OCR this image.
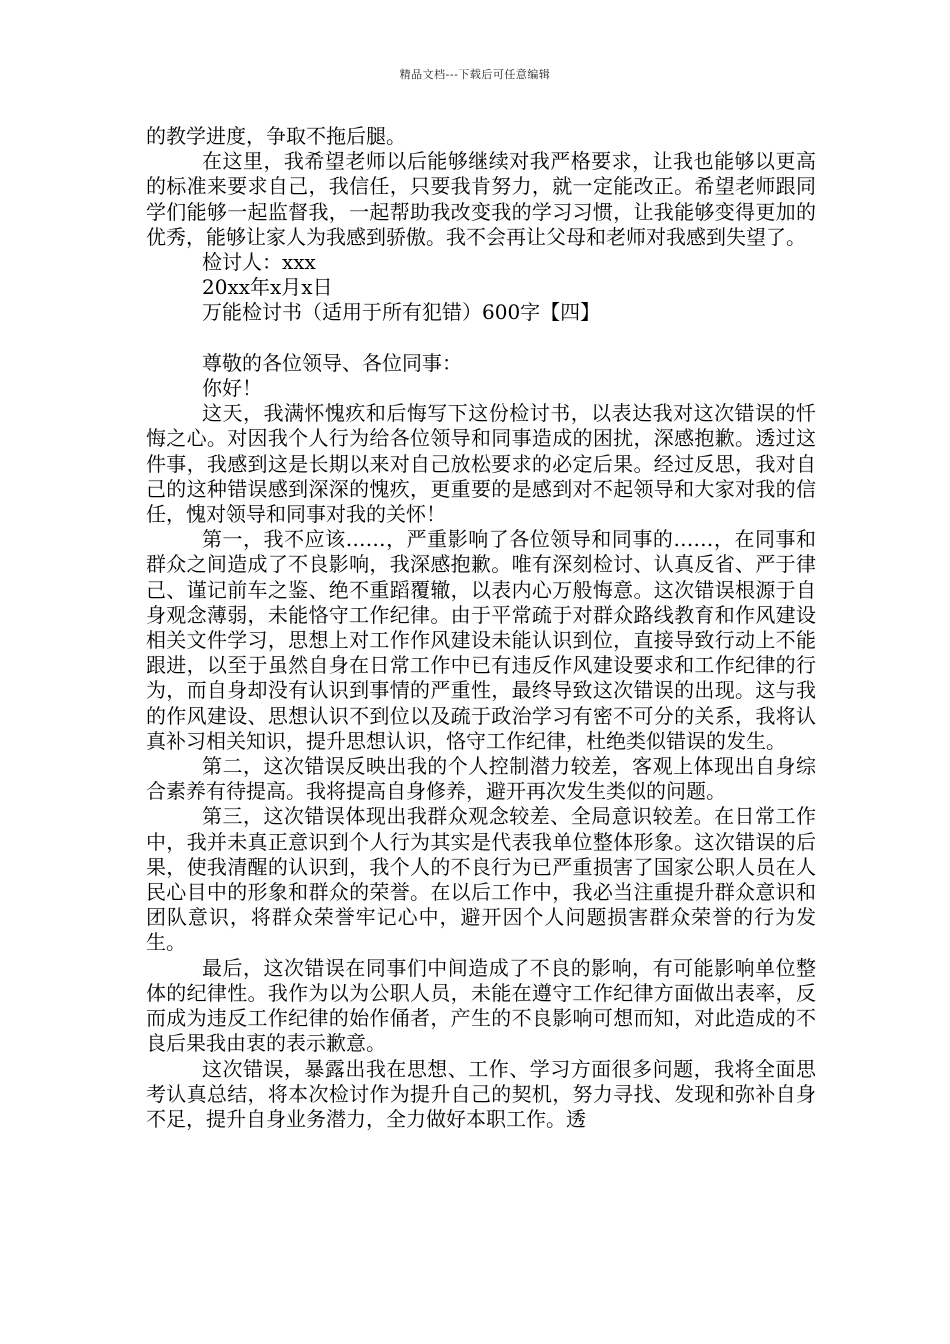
精品文档---下载后可任意编辑

的教学进度，争取不拖后腿。

在这里，我希望老师以后能够继续对我严格要求，让我也能够以更高的标准来要求自己，我信任，只要我肯努力，就一定能改正。希望老师跟同学们能够一起监督我，一起帮助我改变我的学习习惯，让我能够变得更加的优秀，能够让家人为我感到骄傲。我不会再让父母和老师对我感到失望了。

检讨人：xxx

20xx年x月x日

万能检讨书（适用于所有犯错）600字【四】

尊敬的各位领导、各位同事：

你好！

这天，我满怀愧疚和后悔写下这份检讨书，以表达我对这次错误的忏悔之心。对因我个人行为给各位领导和同事造成的困扰，深感抱歉。透过这件事，我感到这是长期以来对自己放松要求的必定后果。经过反思，我对自己的这种错误感到深深的愧疚，更重要的是感到对不起领导和大家对我的信任，愧对领导和同事对我的关怀！

第一，我不应该……，严重影响了各位领导和同事的……，在同事和群众之间造成了不良影响，我深感抱歉。唯有深刻检讨、认真反省、严于律己、谨记前车之鉴、绝不重蹈覆辙，以表内心万般悔意。这次错误根源于自身观念薄弱，未能恪守工作纪律。由于平常疏于对群众路线教育和作风建设相关文件学习，思想上对工作作风建设未能认识到位，直接导致行动上不能跟进，以至于虽然自身在日常工作中已有违反作风建设要求和工作纪律的行为，而自身却没有认识到事情的严重性，最终导致这次错误的出现。这与我的作风建设、思想认识不到位以及疏于政治学习有密不可分的关系，我将认真补习相关知识，提升思想认识，恪守工作纪律，杜绝类似错误的发生。

第二，这次错误反映出我的个人控制潜力较差，客观上体现出自身综合素养有待提高。我将提高自身修养，避开再次发生类似的问题。

第三，这次错误体现出我群众观念较差、全局意识较差。在日常工作中，我并未真正意识到个人行为其实是代表我单位整体形象。这次错误的后果，使我清醒的认识到，我个人的不良行为已严重损害了国家公职人员在人民心目中的形象和群众的荣誉。在以后工作中，我必当注重提升群众意识和团队意识，将群众荣誉牢记心中，避开因个人问题损害群众荣誉的行为发生。

最后，这次错误在同事们中间造成了不良的影响，有可能影响单位整体的纪律性。我作为以为公职人员，未能在遵守工作纪律方面做出表率，反而成为违反工作纪律的始作俑者，产生的不良影响可想而知，对此造成的不良后果我由衷的表示歉意。

这次错误，暴露出我在思想、工作、学习方面很多问题，我将全面思考认真总结，将本次检讨作为提升自己的契机，努力寻找、发现和弥补自身不足，提升自身业务潜力，全力做好本职工作。透
